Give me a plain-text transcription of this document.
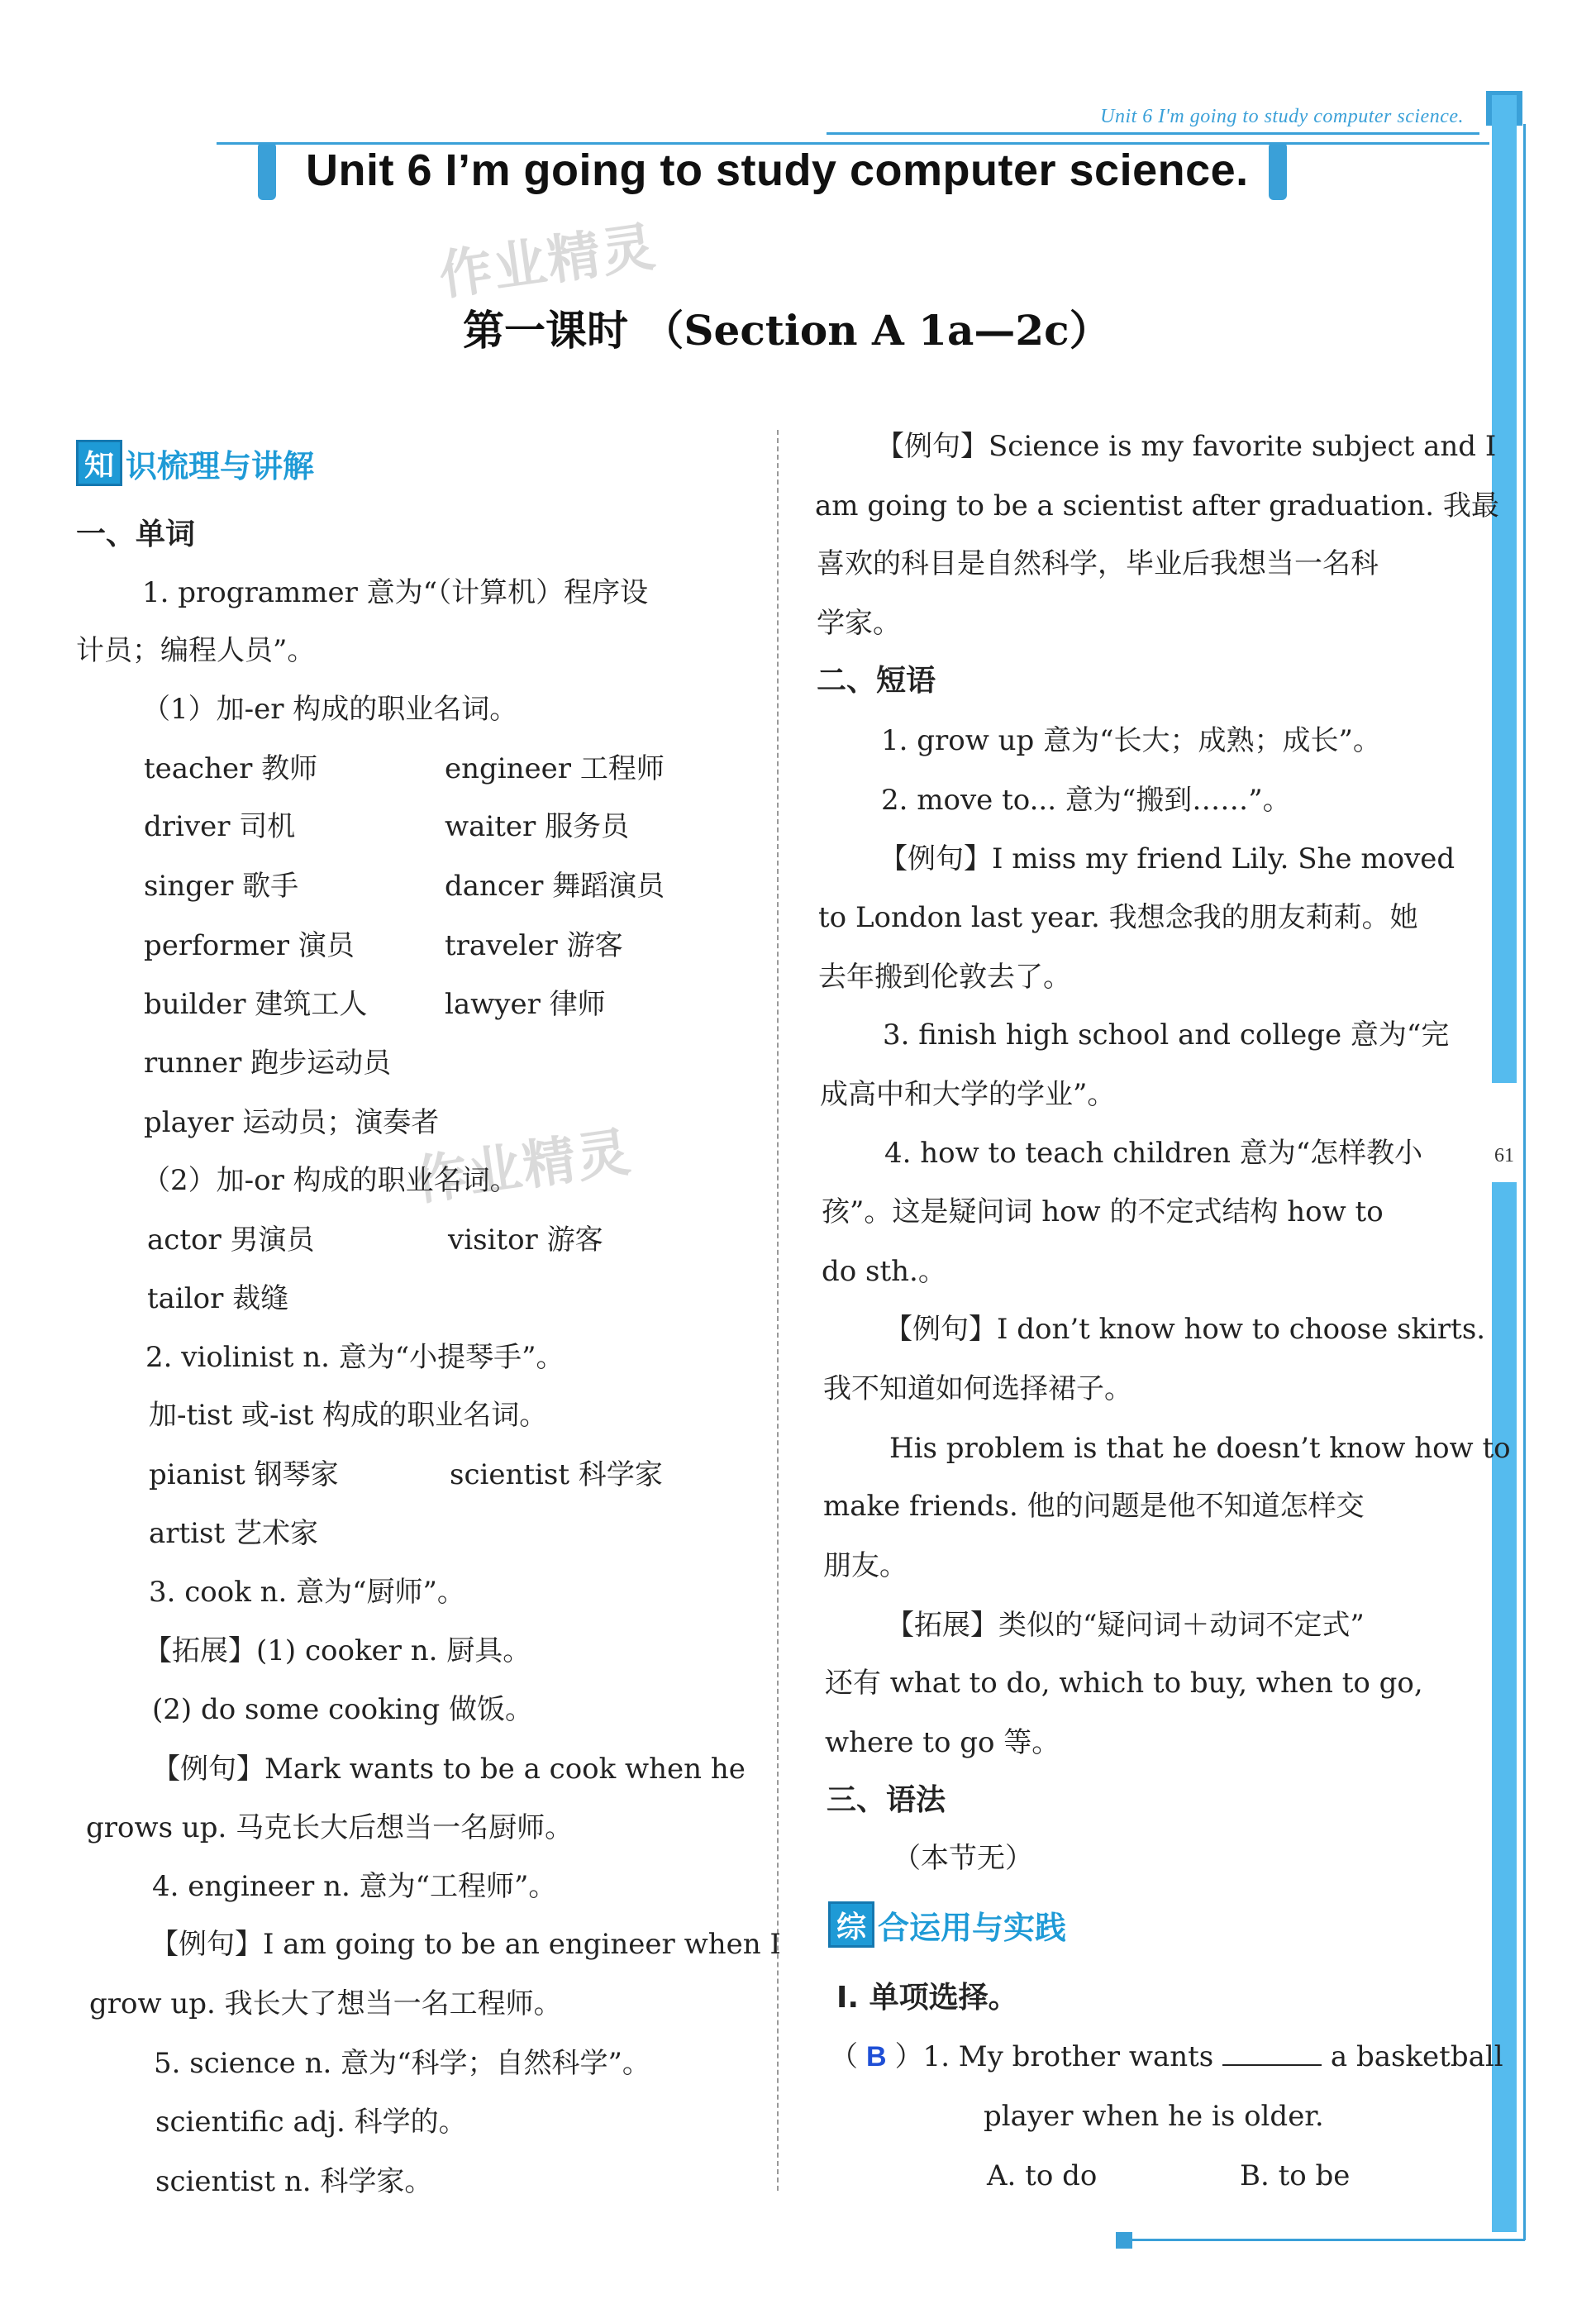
Unit 6 I'm going to study computer science.
61
Unit 6 I’m going to study computer science.
作业精灵
第一课时 （Section A 1a—2c）
作业精灵
知 识梳理与讲解
一、单词
1. programmer 意为“（计算机）程序设
计员；编程人员”。
（1）加-er 构成的职业名词。
teacher 教师	engineer 工程师
driver 司机	waiter 服务员
singer 歌手	dancer 舞蹈演员
performer 演员	traveler 游客
builder 建筑工人	lawyer 律师
runner 跑步运动员
player 运动员；演奏者
（2）加-or 构成的职业名词。
actor 男演员	visitor 游客
tailor 裁缝
2. violinist n. 意为“小提琴手”。
加-tist 或-ist 构成的职业名词。
pianist 钢琴家	scientist 科学家
artist 艺术家
3. cook n. 意为“厨师”。
【拓展】(1) cooker n. 厨具。
(2) do some cooking 做饭。
【例句】Mark wants to be a cook when he
grows up. 马克长大后想当一名厨师。
4. engineer n. 意为“工程师”。
【例句】I am going to be an engineer when I
grow up. 我长大了想当一名工程师。
5. science n. 意为“科学；自然科学”。
scientific adj. 科学的。
scientist n. 科学家。
【例句】Science is my favorite subject and I
am going to be a scientist after graduation. 我最
喜欢的科目是自然科学，毕业后我想当一名科
学家。
二、短语
1. grow up 意为“长大；成熟；成长”。
2. move to... 意为“搬到……”。
【例句】I miss my friend Lily. She moved
to London last year. 我想念我的朋友莉莉。她
去年搬到伦敦去了。
3. finish high school and college 意为“完
成高中和大学的学业”。
4. how to teach children 意为“怎样教小
孩”。这是疑问词 how 的不定式结构 how to
do sth.。
【例句】I don’t know how to choose skirts.
我不知道如何选择裙子。
His problem is that he doesn’t know how to
make friends. 他的问题是他不知道怎样交
朋友。
【拓展】类似的“疑问词＋动词不定式”
还有 what to do, which to buy, when to go,
where to go 等。
三、语法
（本节无）
综 合运用与实践
Ⅰ. 单项选择。
（ B ）1. My brother wants	a basketball
player when he is older.
A. to do	B. to be
